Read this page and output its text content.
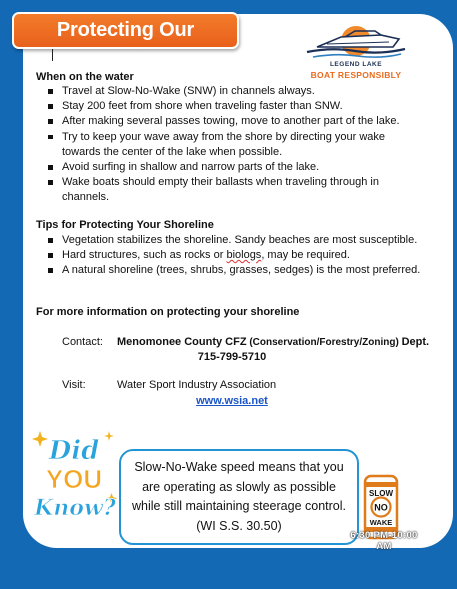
Protecting Our Shoreline	LEGEND LAKE
BOAT RESPONSIBLY
When on the water
Travel at Slow-No-Wake (SNW) in channels always.
Stay 200 feet from shore when traveling faster than SNW.
After making several passes towing, move to another part of the lake.
Try to keep your wave away from the shore by directing your wake towards the center of the lake when possible.
Avoid surfing in shallow and narrow parts of the lake.
Wake boats should empty their ballasts when traveling through in channels.
Tips for Protecting Your Shoreline
Vegetation stabilizes the shoreline. Sandy beaches are most susceptible.
Hard structures, such as rocks or biologs, may be required.
A natural shoreline (trees, shrubs, grasses, sedges) is the most preferred.
For more information on protecting your shoreline
Contact: Menomonee County CFZ (Conservation/Forestry/Zoning) Dept.
715-799-5710
Visit:	Water Sport Industry Association
www.wsia.net
Did
YOU
Know?
Slow-No-Wake speed means that you
are operating as slowly as possible
while still maintaining steerage control.
(WI S.S. 30.50)
SLOW
NO
WAKE
6:30 PM-10:00 AM
